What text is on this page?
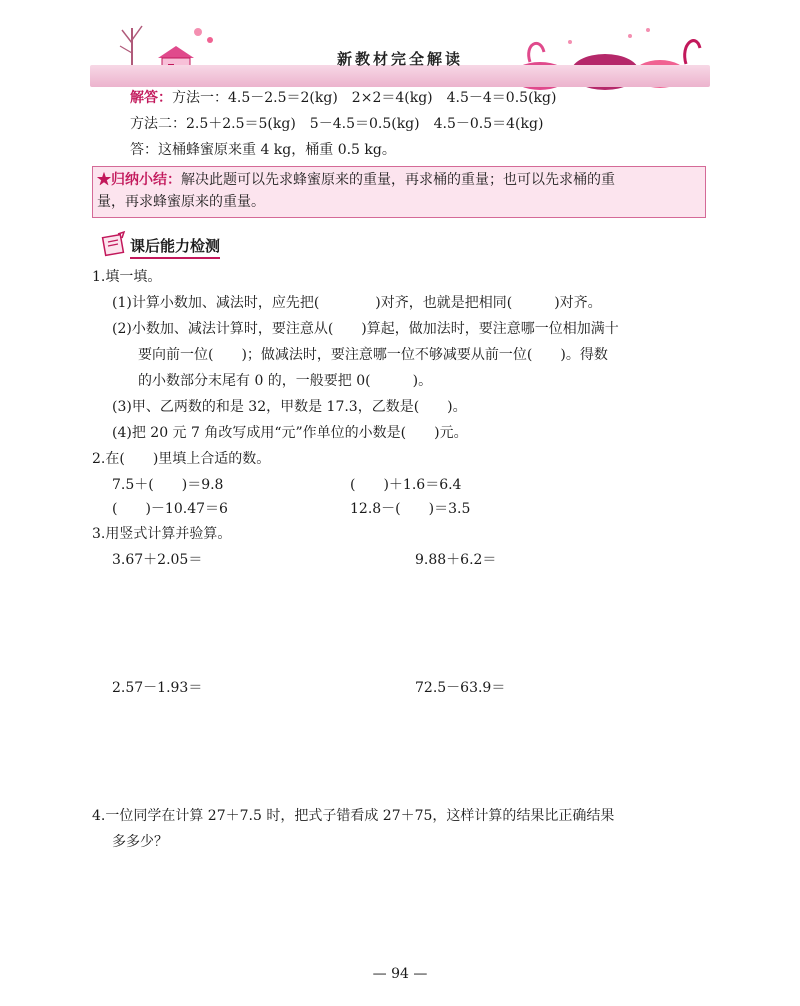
新教材完全解读
解答：方法一：4.5－2.5＝2(kg)　2×2＝4(kg)　4.5－4＝0.5(kg)
方法二：2.5＋2.5＝5(kg)　5－4.5＝0.5(kg)　4.5－0.5＝4(kg)
答：这桶蜂蜜原来重 4 kg，桶重 0.5 kg。
★归纳小结：解决此题可以先求蜂蜜原来的重量，再求桶的重量；也可以先求桶的重
量，再求蜂蜜原来的重量。
课后能力检测
1.填一填。
(1)计算小数加、减法时，应先把(　　　　)对齐，也就是把相同(　　　)对齐。
(2)小数加、减法计算时，要注意从(　　)算起，做加法时，要注意哪一位相加满十
要向前一位(　　)；做减法时，要注意哪一位不够减要从前一位(　　)。得数
的小数部分末尾有 0 的，一般要把 0(　　　)。
(3)甲、乙两数的和是 32，甲数是 17.3，乙数是(　　)。
(4)把 20 元 7 角改写成用“元”作单位的小数是(　　)元。
2.在(　　)里填上合适的数。
7.5＋(　　)＝9.8	(　　)＋1.6＝6.4
(　　)－10.47＝6	12.8－(　　)＝3.5
3.用竖式计算并验算。
3.67＋2.05＝	9.88＋6.2＝
2.57－1.93＝	72.5－63.9＝
4.一位同学在计算 27＋7.5 时，把式子错看成 27＋75，这样计算的结果比正确结果
多多少？
— 94 —
